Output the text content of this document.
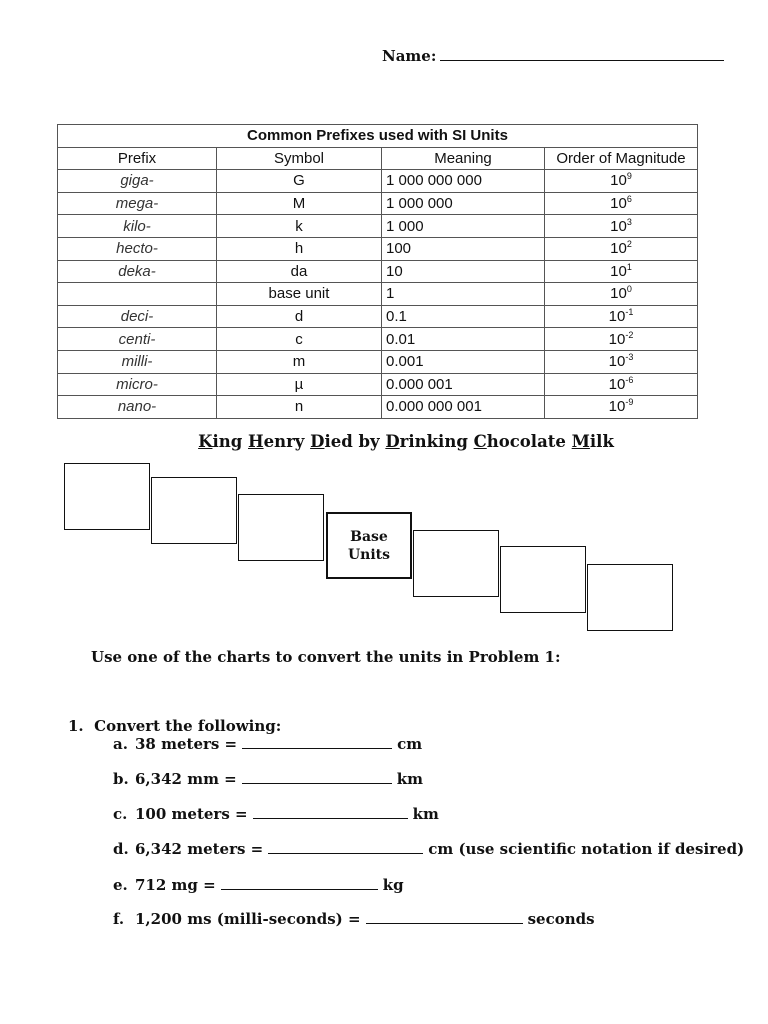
Name:
Common Prefixes used with SI Units			
Prefix	Symbol	Meaning	Order of Magnitude
giga-	G	1 000 000 000	$10^9$
mega-	M	1 000 000	$10^6$
kilo-	k	1 000	$10^3$
hecto-	h	100	$10^2$
deka-	da	10	$10^1$
	base unit	1	$10^0$
deci-	d	0.1	$10^{-1}$
centi-	c	0.01	$10^{-2}$
milli-	m	0.001	$10^{-3}$
micro-	µ	0.000 001	$10^{-6}$
nano-	n	0.000 000 001	$10^{-9}$
King Henry Died by Drinking Chocolate Milk
Base
Units
Use one of the charts to convert the units in Problem 1:
1. Convert the following:
a. 38 meters =	cm
b. 6,342 mm =	km
c. 100 meters =	km
d. 6,342 meters =	cm (use scientific notation if desired)
e. 712 mg =	kg
f. 1,200 ms (milli-seconds) =	seconds
